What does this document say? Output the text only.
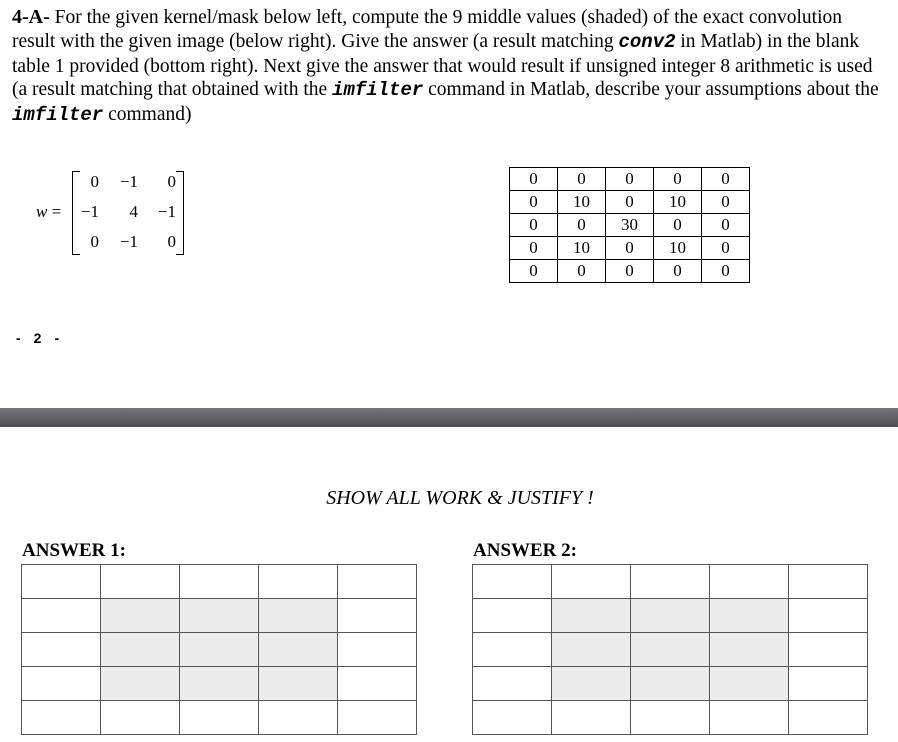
4-A- For the given kernel/mask below left, compute the 9 middle values (shaded) of the exact convolution
result with the given image (below right). Give the answer (a result matching conv2 in Matlab) in the blank
table 1 provided (bottom right). Next give the answer that would result if unsigned integer 8 arithmetic is used
(a result matching that obtained with the imfilter command in Matlab, describe your assumptions about the
imfilter command)
w =
0	−1	0
−1	4	−1
0	−1	0
0	0	0	0	0
0	10	0	10	0
0	0	30	0	0
0	10	0	10	0
0	0	0	0	0
- 2 -
SHOW ALL WORK & JUSTIFY !
ANSWER 1:	ANSWER 2:
